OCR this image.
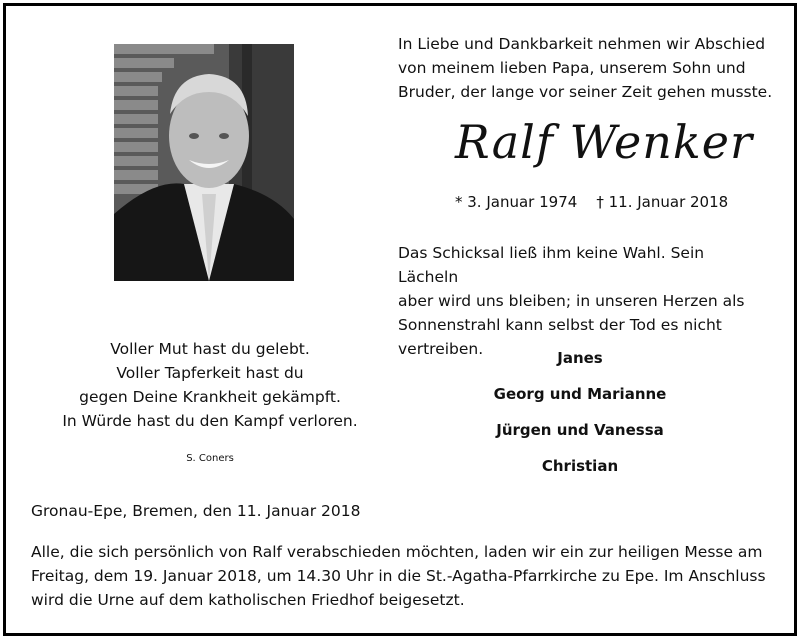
In Liebe und Dankbarkeit nehmen wir Abschied
von meinem lieben Papa, unserem Sohn und
Bruder, der lange vor seiner Zeit gehen musste.
Ralf Wenker
* 3. Januar 1974 † 11. Januar 2018
Das Schicksal ließ ihm keine Wahl. Sein Lächeln
aber wird uns bleiben; in unseren Herzen als
Sonnenstrahl kann selbst der Tod es nicht
vertreiben.
Voller Mut hast du gelebt.
Voller Tapferkeit hast du
gegen Deine Krankheit gekämpft.
In Würde hast du den Kampf verloren.
S. Coners
Janes
Georg und Marianne
Jürgen und Vanessa
Christian
Gronau-Epe, Bremen, den 11. Januar 2018
Alle, die sich persönlich von Ralf verabschieden möchten, laden wir ein zur heiligen Messe am
Freitag, dem 19. Januar 2018, um 14.30 Uhr in die St.-Agatha-Pfarrkirche zu Epe. Im Anschluss
wird die Urne auf dem katholischen Friedhof beigesetzt.
